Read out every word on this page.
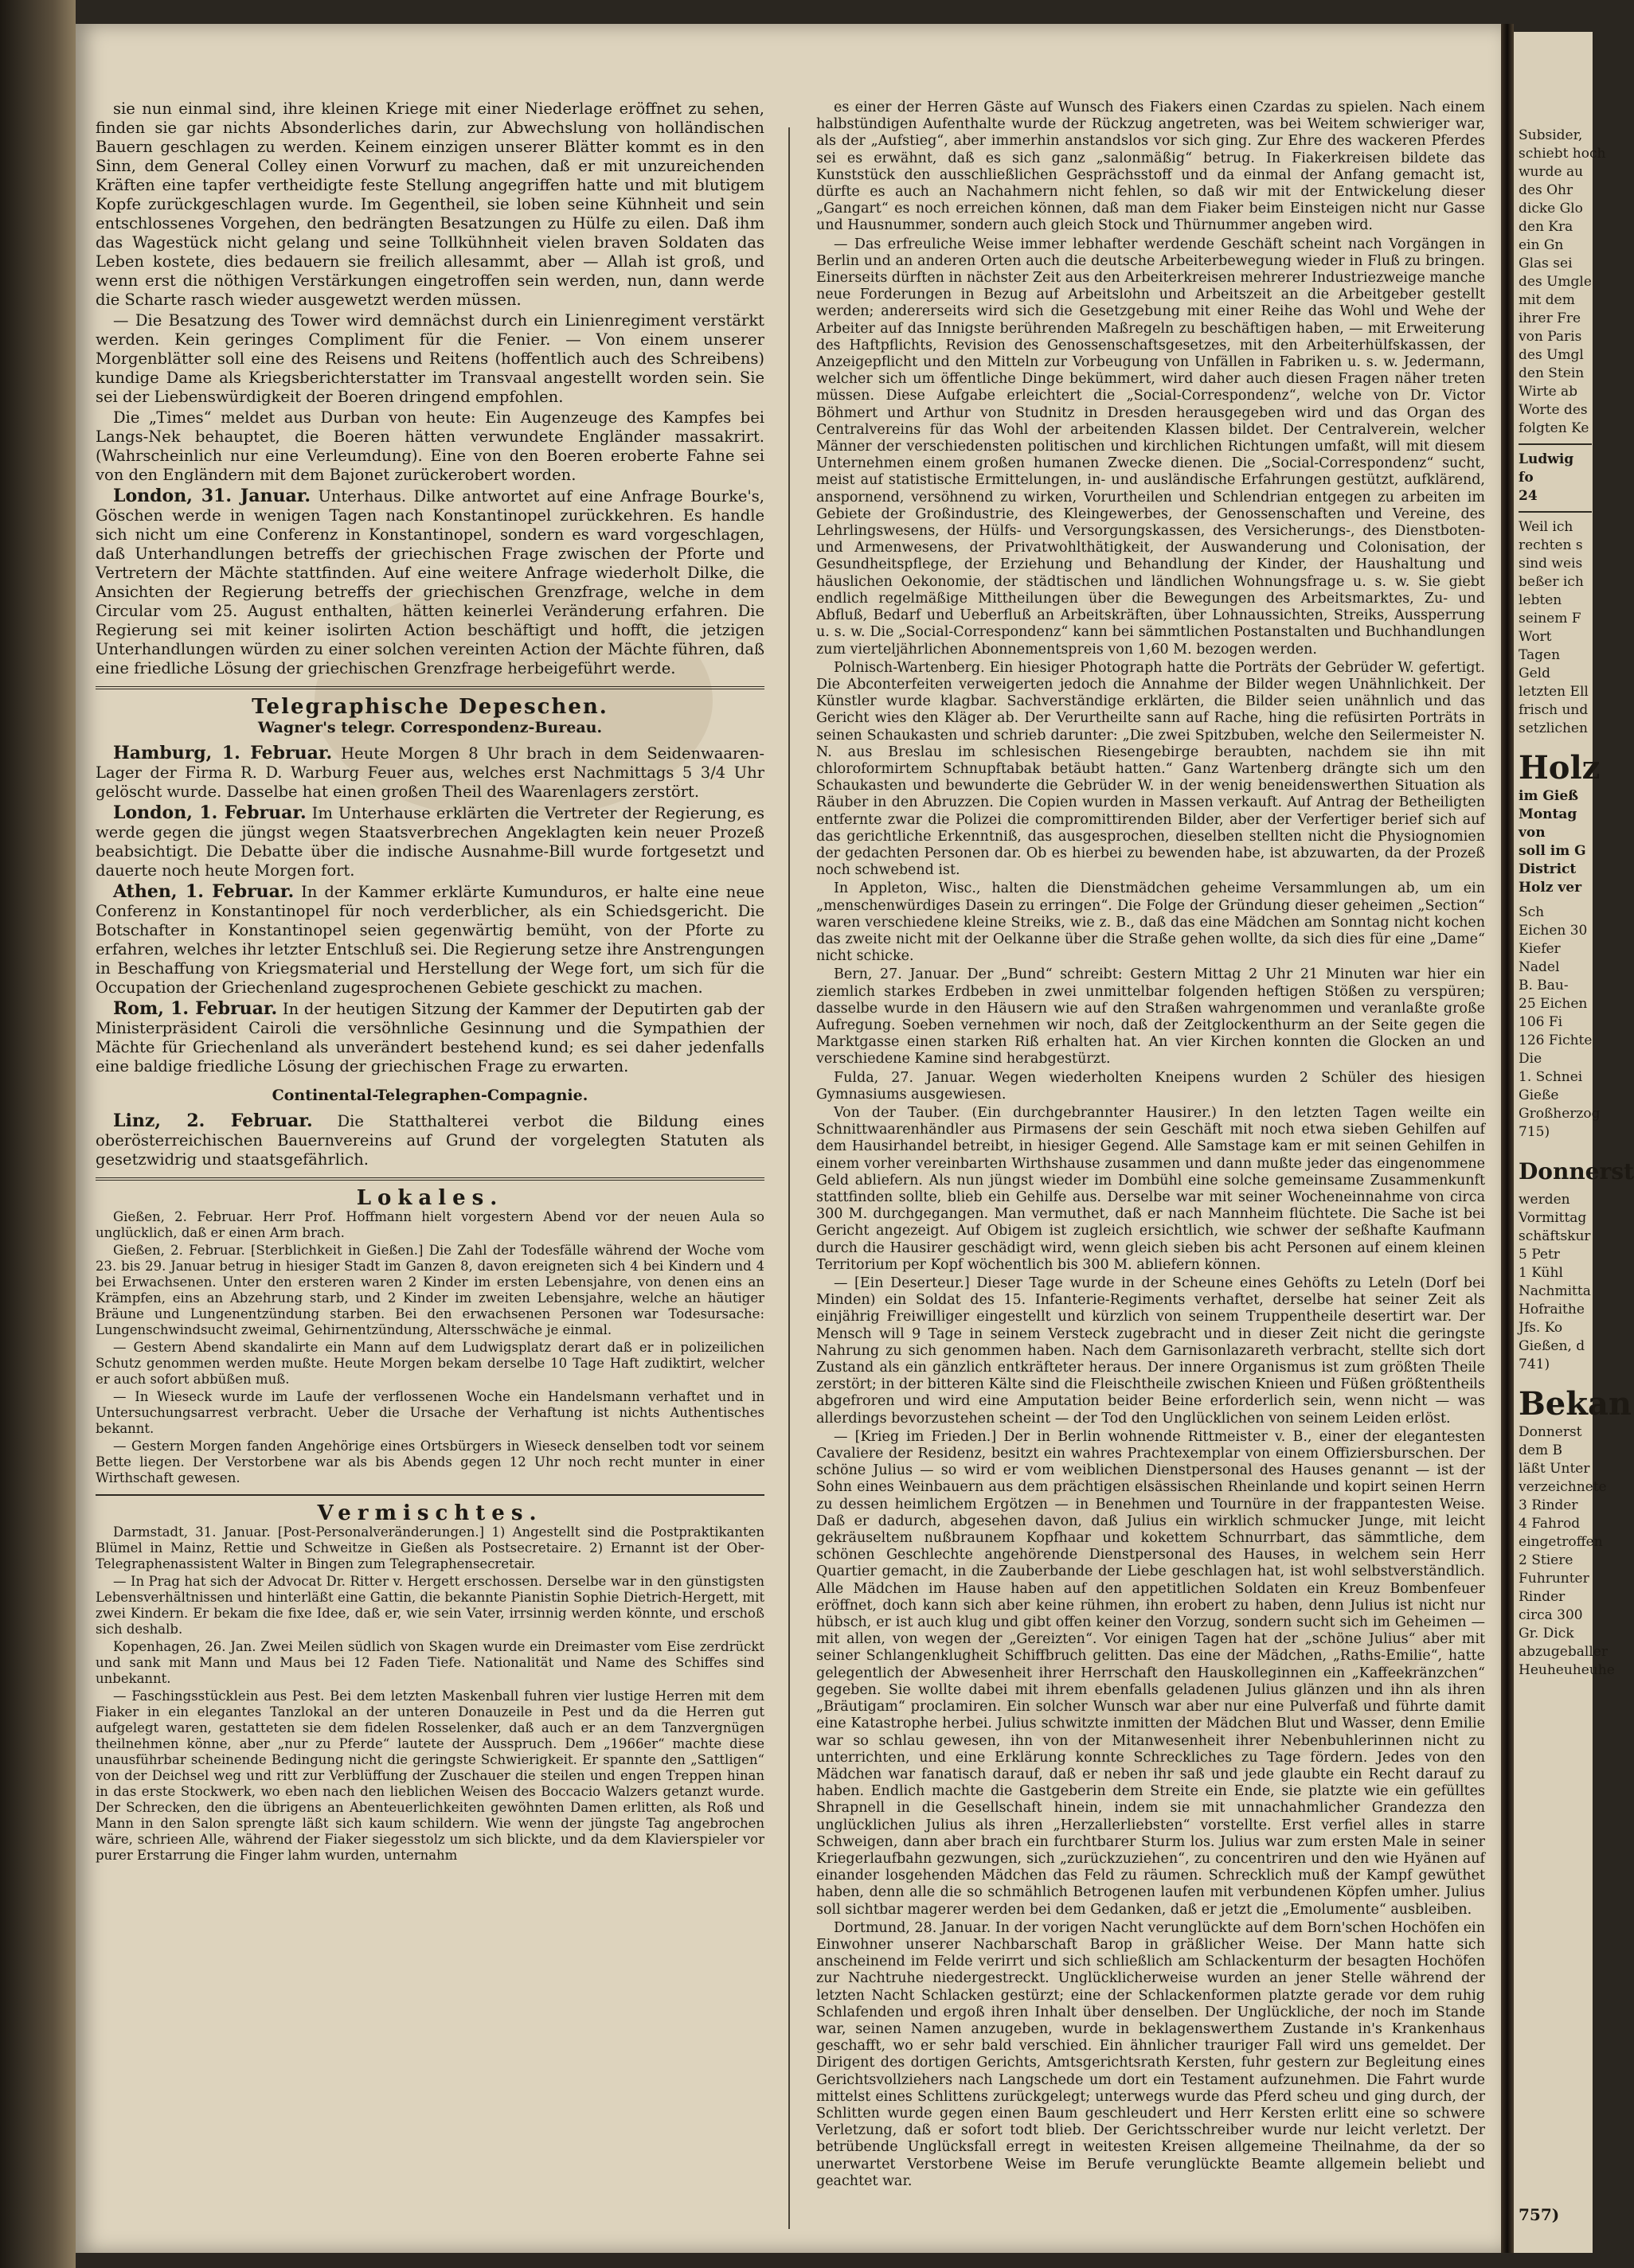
sie nun einmal sind, ihre kleinen Kriege mit einer Niederlage eröffnet zu sehen, finden sie gar nichts Absonderliches darin, zur Abwechslung von holländischen Bauern geschlagen zu werden. Keinem einzigen unserer Blätter kommt es in den Sinn, dem General Colley einen Vorwurf zu machen, daß er mit unzureichenden Kräften eine tapfer vertheidigte feste Stellung angegriffen hatte und mit blutigem Kopfe zurückgeschlagen wurde. Im Gegentheil, sie loben seine Kühnheit und sein entschlossenes Vorgehen, den bedrängten Besatzungen zu Hülfe zu eilen. Daß ihm das Wagestück nicht gelang und seine Tollkühnheit vielen braven Soldaten das Leben kostete, dies bedauern sie freilich allesammt, aber — Allah ist groß, und wenn erst die nöthigen Verstärkungen eingetroffen sein werden, nun, dann werde die Scharte rasch wieder ausgewetzt werden müssen.

— Die Besatzung des Tower wird demnächst durch ein Linienregiment verstärkt werden. Kein geringes Compliment für die Fenier. — Von einem unserer Morgenblätter soll eine des Reisens und Reitens (hoffentlich auch des Schreibens) kundige Dame als Kriegsberichterstatter im Transvaal angestellt worden sein. Sie sei der Liebenswürdigkeit der Boeren dringend empfohlen.

Die „Times“ meldet aus Durban von heute: Ein Augenzeuge des Kampfes bei Langs-Nek behauptet, die Boeren hätten verwundete Engländer massakrirt. (Wahrscheinlich nur eine Verleumdung). Eine von den Boeren eroberte Fahne sei von den Engländern mit dem Bajonet zurückerobert worden.

London, 31. Januar. Unterhaus. Dilke antwortet auf eine Anfrage Bourke's, Göschen werde in wenigen Tagen nach Konstantinopel zurückkehren. Es handle sich nicht um eine Conferenz in Konstantinopel, sondern es ward vorgeschlagen, daß Unterhandlungen betreffs der griechischen Frage zwischen der Pforte und Vertretern der Mächte stattfinden. Auf eine weitere Anfrage wiederholt Dilke, die Ansichten der Regierung betreffs der griechischen Grenzfrage, welche in dem Circular vom 25. August enthalten, hätten keinerlei Veränderung erfahren. Die Regierung sei mit keiner isolirten Action beschäftigt und hofft, die jetzigen Unterhandlungen würden zu einer solchen vereinten Action der Mächte führen, daß eine friedliche Lösung der griechischen Grenzfrage herbeigeführt werde.

Telegraphische Depeschen.
Wagner's telegr. Correspondenz-Bureau.

Hamburg, 1. Februar. Heute Morgen 8 Uhr brach in dem Seidenwaaren-Lager der Firma R. D. Warburg Feuer aus, welches erst Nachmittags 5 3/4 Uhr gelöscht wurde. Dasselbe hat einen großen Theil des Waarenlagers zerstört.

London, 1. Februar. Im Unterhause erklärten die Vertreter der Regierung, es werde gegen die jüngst wegen Staatsverbrechen Angeklagten kein neuer Prozeß beabsichtigt. Die Debatte über die indische Ausnahme-Bill wurde fortgesetzt und dauerte noch heute Morgen fort.

Athen, 1. Februar. In der Kammer erklärte Kumunduros, er halte eine neue Conferenz in Konstantinopel für noch verderblicher, als ein Schiedsgericht. Die Botschafter in Konstantinopel seien gegenwärtig bemüht, von der Pforte zu erfahren, welches ihr letzter Entschluß sei. Die Regierung setze ihre Anstrengungen in Beschaffung von Kriegsmaterial und Herstellung der Wege fort, um sich für die Occupation der Griechenland zugesprochenen Gebiete geschickt zu machen.

Rom, 1. Februar. In der heutigen Sitzung der Kammer der Deputirten gab der Ministerpräsident Cairoli die versöhnliche Gesinnung und die Sympathien der Mächte für Griechenland als unverändert bestehend kund; es sei daher jedenfalls eine baldige friedliche Lösung der griechischen Frage zu erwarten.

Continental-Telegraphen-Compagnie.

Linz, 2. Februar. Die Statthalterei verbot die Bildung eines oberösterreichischen Bauernvereins auf Grund der vorgelegten Statuten als gesetzwidrig und staatsgefährlich.

Lokales.

Gießen, 2. Februar. Herr Prof. Hoffmann hielt vorgestern Abend vor der neuen Aula so unglücklich, daß er einen Arm brach.

Gießen, 2. Februar. [Sterblichkeit in Gießen.] Die Zahl der Todesfälle während der Woche vom 23. bis 29. Januar betrug in hiesiger Stadt im Ganzen 8, davon ereigneten sich 4 bei Kindern und 4 bei Erwachsenen. Unter den ersteren waren 2 Kinder im ersten Lebensjahre, von denen eins an Krämpfen, eins an Abzehrung starb, und 2 Kinder im zweiten Lebensjahre, welche an häutiger Bräune und Lungenentzündung starben. Bei den erwachsenen Personen war Todesursache: Lungenschwindsucht zweimal, Gehirnentzündung, Altersschwäche je einmal.

— Gestern Abend skandalirte ein Mann auf dem Ludwigsplatz derart daß er in polizeilichen Schutz genommen werden mußte. Heute Morgen bekam derselbe 10 Tage Haft zudiktirt, welcher er auch sofort abbüßen muß.

— In Wieseck wurde im Laufe der verflossenen Woche ein Handelsmann verhaftet und in Untersuchungsarrest verbracht. Ueber die Ursache der Verhaftung ist nichts Authentisches bekannt.

— Gestern Morgen fanden Angehörige eines Ortsbürgers in Wieseck denselben todt vor seinem Bette liegen. Der Verstorbene war als bis Abends gegen 12 Uhr noch recht munter in einer Wirthschaft gewesen.

Vermischtes.

Darmstadt, 31. Januar. [Post-Personalveränderungen.] 1) Angestellt sind die Postpraktikanten Blümel in Mainz, Rettie und Schweitze in Gießen als Postsecretaire. 2) Ernannt ist der Ober-Telegraphenassistent Walter in Bingen zum Telegraphensecretair.

— In Prag hat sich der Advocat Dr. Ritter v. Hergett erschossen. Derselbe war in den günstigsten Lebensverhältnissen und hinterläßt eine Gattin, die bekannte Pianistin Sophie Dietrich-Hergett, mit zwei Kindern. Er bekam die fixe Idee, daß er, wie sein Vater, irrsinnig werden könnte, und erschoß sich deshalb.

Kopenhagen, 26. Jan. Zwei Meilen südlich von Skagen wurde ein Dreimaster vom Eise zerdrückt und sank mit Mann und Maus bei 12 Faden Tiefe. Nationalität und Name des Schiffes sind unbekannt.

— Faschingsstücklein aus Pest. Bei dem letzten Maskenball fuhren vier lustige Herren mit dem Fiaker in ein elegantes Tanzlokal an der unteren Donauzeile in Pest und da die Herren gut aufgelegt waren, gestatteten sie dem fidelen Rosselenker, daß auch er an dem Tanzvergnügen theilnehmen könne, aber „nur zu Pferde“ lautete der Ausspruch. Dem „1966er“ machte diese unausführbar scheinende Bedingung nicht die geringste Schwierigkeit. Er spannte den „Sattligen“ von der Deichsel weg und ritt zur Verblüffung der Zuschauer die steilen und engen Treppen hinan in das erste Stockwerk, wo eben nach den lieblichen Weisen des Boccacio Walzers getanzt wurde. Der Schrecken, den die übrigens an Abenteuerlichkeiten gewöhnten Damen erlitten, als Roß und Mann in den Salon sprengte läßt sich kaum schildern. Wie wenn der jüngste Tag angebrochen wäre, schrieen Alle, während der Fiaker siegesstolz um sich blickte, und da dem Klavierspieler vor purer Erstarrung die Finger lahm wurden, unternahm

es einer der Herren Gäste auf Wunsch des Fiakers einen Czardas zu spielen. Nach einem halbstündigen Aufenthalte wurde der Rückzug angetreten, was bei Weitem schwieriger war, als der „Aufstieg“, aber immerhin anstandslos vor sich ging. Zur Ehre des wackeren Pferdes sei es erwähnt, daß es sich ganz „salonmäßig“ betrug. In Fiakerkreisen bildete das Kunststück den ausschließlichen Gesprächsstoff und da einmal der Anfang gemacht ist, dürfte es auch an Nachahmern nicht fehlen, so daß wir mit der Entwickelung dieser „Gangart“ es noch erreichen können, daß man dem Fiaker beim Einsteigen nicht nur Gasse und Hausnummer, sondern auch gleich Stock und Thürnummer angeben wird.

— Das erfreuliche Weise immer lebhafter werdende Geschäft scheint nach Vorgängen in Berlin und an anderen Orten auch die deutsche Arbeiterbewegung wieder in Fluß zu bringen. Einerseits dürften in nächster Zeit aus den Arbeiterkreisen mehrerer Industriezweige manche neue Forderungen in Bezug auf Arbeitslohn und Arbeitszeit an die Arbeitgeber gestellt werden; andererseits wird sich die Gesetzgebung mit einer Reihe das Wohl und Wehe der Arbeiter auf das Innigste berührenden Maßregeln zu beschäftigen haben, — mit Erweiterung des Haftpflichts, Revision des Genossenschaftsgesetzes, mit den Arbeiterhülfskassen, der Anzeigepflicht und den Mitteln zur Vorbeugung von Unfällen in Fabriken u. s. w. Jedermann, welcher sich um öffentliche Dinge bekümmert, wird daher auch diesen Fragen näher treten müssen. Diese Aufgabe erleichtert die „Social-Correspondenz“, welche von Dr. Victor Böhmert und Arthur von Studnitz in Dresden herausgegeben wird und das Organ des Centralvereins für das Wohl der arbeitenden Klassen bildet. Der Centralverein, welcher Männer der verschiedensten politischen und kirchlichen Richtungen umfaßt, will mit diesem Unternehmen einem großen humanen Zwecke dienen. Die „Social-Correspondenz“ sucht, meist auf statistische Ermittelungen, in- und ausländische Erfahrungen gestützt, aufklärend, anspornend, versöhnend zu wirken, Vorurtheilen und Schlendrian entgegen zu arbeiten im Gebiete der Großindustrie, des Kleingewerbes, der Genossenschaften und Vereine, des Lehrlingswesens, der Hülfs- und Versorgungskassen, des Versicherungs-, des Dienstboten- und Armenwesens, der Privatwohlthätigkeit, der Auswanderung und Colonisation, der Gesundheitspflege, der Erziehung und Behandlung der Kinder, der Haushaltung und häuslichen Oekonomie, der städtischen und ländlichen Wohnungsfrage u. s. w. Sie giebt endlich regelmäßige Mittheilungen über die Bewegungen des Arbeitsmarktes, Zu- und Abfluß, Bedarf und Ueberfluß an Arbeitskräften, über Lohnaussichten, Streiks, Aussperrung u. s. w. Die „Social-Correspondenz“ kann bei sämmtlichen Postanstalten und Buchhandlungen zum vierteljährlichen Abonnementspreis von 1,60 M. bezogen werden.

Polnisch-Wartenberg. Ein hiesiger Photograph hatte die Porträts der Gebrüder W. gefertigt. Die Abconterfeiten verweigerten jedoch die Annahme der Bilder wegen Unähnlichkeit. Der Künstler wurde klagbar. Sachverständige erklärten, die Bilder seien unähnlich und das Gericht wies den Kläger ab. Der Verurtheilte sann auf Rache, hing die refüsirten Porträts in seinen Schaukasten und schrieb darunter: „Die zwei Spitzbuben, welche den Seilermeister N. N. aus Breslau im schlesischen Riesengebirge beraubten, nachdem sie ihn mit chloroformirtem Schnupftabak betäubt hatten.“ Ganz Wartenberg drängte sich um den Schaukasten und bewunderte die Gebrüder W. in der wenig beneidenswerthen Situation als Räuber in den Abruzzen. Die Copien wurden in Massen verkauft. Auf Antrag der Betheiligten entfernte zwar die Polizei die compromittirenden Bilder, aber der Verfertiger berief sich auf das gerichtliche Erkenntniß, das ausgesprochen, dieselben stellten nicht die Physiognomien der gedachten Personen dar. Ob es hierbei zu bewenden habe, ist abzuwarten, da der Prozeß noch schwebend ist.

In Appleton, Wisc., halten die Dienstmädchen geheime Versammlungen ab, um ein „menschenwürdiges Dasein zu erringen“. Die Folge der Gründung dieser geheimen „Section“ waren verschiedene kleine Streiks, wie z. B., daß das eine Mädchen am Sonntag nicht kochen das zweite nicht mit der Oelkanne über die Straße gehen wollte, da sich dies für eine „Dame“ nicht schicke.

Bern, 27. Januar. Der „Bund“ schreibt: Gestern Mittag 2 Uhr 21 Minuten war hier ein ziemlich starkes Erdbeben in zwei unmittelbar folgenden heftigen Stößen zu verspüren; dasselbe wurde in den Häusern wie auf den Straßen wahrgenommen und veranlaßte große Aufregung. Soeben vernehmen wir noch, daß der Zeitglockenthurm an der Seite gegen die Marktgasse einen starken Riß erhalten hat. An vier Kirchen konnten die Glocken an und verschiedene Kamine sind herabgestürzt.

Fulda, 27. Januar. Wegen wiederholten Kneipens wurden 2 Schüler des hiesigen Gymnasiums ausgewiesen.

Von der Tauber. (Ein durchgebrannter Hausirer.) In den letzten Tagen weilte ein Schnittwaarenhändler aus Pirmasens der sein Geschäft mit noch etwa sieben Gehilfen auf dem Hausirhandel betreibt, in hiesiger Gegend. Alle Samstage kam er mit seinen Gehilfen in einem vorher vereinbarten Wirthshause zusammen und dann mußte jeder das eingenommene Geld abliefern. Als nun jüngst wieder im Dombühl eine solche gemeinsame Zusammenkunft stattfinden sollte, blieb ein Gehilfe aus. Derselbe war mit seiner Wocheneinnahme von circa 300 M. durchgegangen. Man vermuthet, daß er nach Mannheim flüchtete. Die Sache ist bei Gericht angezeigt. Auf Obigem ist zugleich ersichtlich, wie schwer der seßhafte Kaufmann durch die Hausirer geschädigt wird, wenn gleich sieben bis acht Personen auf einem kleinen Territorium per Kopf wöchentlich bis 300 M. abliefern können.

— [Ein Deserteur.] Dieser Tage wurde in der Scheune eines Gehöfts zu Leteln (Dorf bei Minden) ein Soldat des 15. Infanterie-Regiments verhaftet, derselbe hat seiner Zeit als einjährig Freiwilliger eingestellt und kürzlich von seinem Truppentheile desertirt war. Der Mensch will 9 Tage in seinem Versteck zugebracht und in dieser Zeit nicht die geringste Nahrung zu sich genommen haben. Nach dem Garnisonlazareth verbracht, stellte sich dort Zustand als ein gänzlich entkräfteter heraus. Der innere Organismus ist zum größten Theile zerstört; in der bitteren Kälte sind die Fleischtheile zwischen Knieen und Füßen größtentheils abgefroren und wird eine Amputation beider Beine erforderlich sein, wenn nicht — was allerdings bevorzustehen scheint — der Tod den Unglücklichen von seinem Leiden erlöst.

— [Krieg im Frieden.] Der in Berlin wohnende Rittmeister v. B., einer der elegantesten Cavaliere der Residenz, besitzt ein wahres Prachtexemplar von einem Offiziersburschen. Der schöne Julius — so wird er vom weiblichen Dienstpersonal des Hauses genannt — ist der Sohn eines Weinbauern aus dem prächtigen elsässischen Rheinlande und kopirt seinen Herrn zu dessen heimlichem Ergötzen — in Benehmen und Tournüre in der frappantesten Weise. Daß er dadurch, abgesehen davon, daß Julius ein wirklich schmucker Junge, mit leicht gekräuseltem nußbraunem Kopfhaar und kokettem Schnurrbart, das sämmtliche, dem schönen Geschlechte angehörende Dienstpersonal des Hauses, in welchem sein Herr Quartier gemacht, in die Zauberbande der Liebe geschlagen hat, ist wohl selbstverständlich. Alle Mädchen im Hause haben auf den appetitlichen Soldaten ein Kreuz Bombenfeuer eröffnet, doch kann sich aber keine rühmen, ihn erobert zu haben, denn Julius ist nicht nur hübsch, er ist auch klug und gibt offen keiner den Vorzug, sondern sucht sich im Geheimen — mit allen, von wegen der „Gereizten“. Vor einigen Tagen hat der „schöne Julius“ aber mit seiner Schlangenklugheit Schiffbruch gelitten. Das eine der Mädchen, „Raths-Emilie“, hatte gelegentlich der Abwesenheit ihrer Herrschaft den Hauskolleginnen ein „Kaffeekränzchen“ gegeben. Sie wollte dabei mit ihrem ebenfalls geladenen Julius glänzen und ihn als ihren „Bräutigam“ proclamiren. Ein solcher Wunsch war aber nur eine Pulverfaß und führte damit eine Katastrophe herbei. Julius schwitzte inmitten der Mädchen Blut und Wasser, denn Emilie war so schlau gewesen, ihn von der Mitanwesenheit ihrer Nebenbuhlerinnen nicht zu unterrichten, und eine Erklärung konnte Schreckliches zu Tage fördern. Jedes von den Mädchen war fanatisch darauf, daß er neben ihr saß und jede glaubte ein Recht darauf zu haben. Endlich machte die Gastgeberin dem Streite ein Ende, sie platzte wie ein gefülltes Shrapnell in die Gesellschaft hinein, indem sie mit unnachahmlicher Grandezza den unglücklichen Julius als ihren „Herzallerliebsten“ vorstellte. Erst verfiel alles in starre Schweigen, dann aber brach ein furchtbarer Sturm los. Julius war zum ersten Male in seiner Kriegerlaufbahn gezwungen, sich „zurückzuziehen“, zu concentriren und den wie Hyänen auf einander losgehenden Mädchen das Feld zu räumen. Schrecklich muß der Kampf gewüthet haben, denn alle die so schmählich Betrogenen laufen mit verbundenen Köpfen umher. Julius soll sichtbar magerer werden bei dem Gedanken, daß er jetzt die „Emolumente“ ausbleiben.

Dortmund, 28. Januar. In der vorigen Nacht verunglückte auf dem Born'schen Hochöfen ein Einwohner unserer Nachbarschaft Barop in gräßlicher Weise. Der Mann hatte sich anscheinend im Felde verirrt und sich schließlich am Schlackenturm der besagten Hochöfen zur Nachtruhe niedergestreckt. Unglücklicherweise wurden an jener Stelle während der letzten Nacht Schlacken gestürzt; eine der Schlackenformen platzte gerade vor dem ruhig Schlafenden und ergoß ihren Inhalt über denselben. Der Unglückliche, der noch im Stande war, seinen Namen anzugeben, wurde in beklagenswerthem Zustande in's Krankenhaus geschafft, wo er sehr bald verschied. Ein ähnlicher trauriger Fall wird uns gemeldet. Der Dirigent des dortigen Gerichts, Amtsgerichtsrath Kersten, fuhr gestern zur Begleitung eines Gerichtsvollziehers nach Langschede um dort ein Testament aufzunehmen. Die Fahrt wurde mittelst eines Schlittens zurückgelegt; unterwegs wurde das Pferd scheu und ging durch, der Schlitten wurde gegen einen Baum geschleudert und Herr Kersten erlitt eine so schwere Verletzung, daß er sofort todt blieb. Der Gerichtsschreiber wurde nur leicht verletzt. Der betrübende Unglücksfall erregt in weitesten Kreisen allgemeine Theilnahme, da der so unerwartet Verstorbene Weise im Berufe verunglückte Beamte allgemein beliebt und geachtet war.

Subsider,
schiebt hoch
wurde au
des Ohr
dicke Glo
den Kra
ein Gn
Glas sei
des Umgle
mit dem
ihrer Fre
von Paris
des Umgl
den Stein
Wirte ab
Worte des
folgten Ke
Ludwig
fo
24
Weil ich
rechten s
sind weis
beßer ich
lebten
seinem F
Wort
Tagen
Geld
letzten Ell
frisch und
setzlichen
Holz
im Gieß
Montag
von
soll im G
District
Holz ver
Sch
Eichen 30
Kiefer
Nadel
B. Bau-
25 Eichen
106 Fi
126 Fichte
Die
1. Schnei
Gieße
Großherzog
715)
Donnerst
werden
Vormittag
schäftskur
5 Petr
1 Kühl
Nachmitta
Hofraithe
Jfs. Ko
Gießen, d
741)
Bekan
Donnerst
dem B
läßt Unter
verzeichnete
3 Rinder
4 Fahrod
eingetroffen
2 Stiere
Fuhrunter
Rinder
circa 300
Gr. Dick
abzugeballer
Heuheuheuhe
757)
